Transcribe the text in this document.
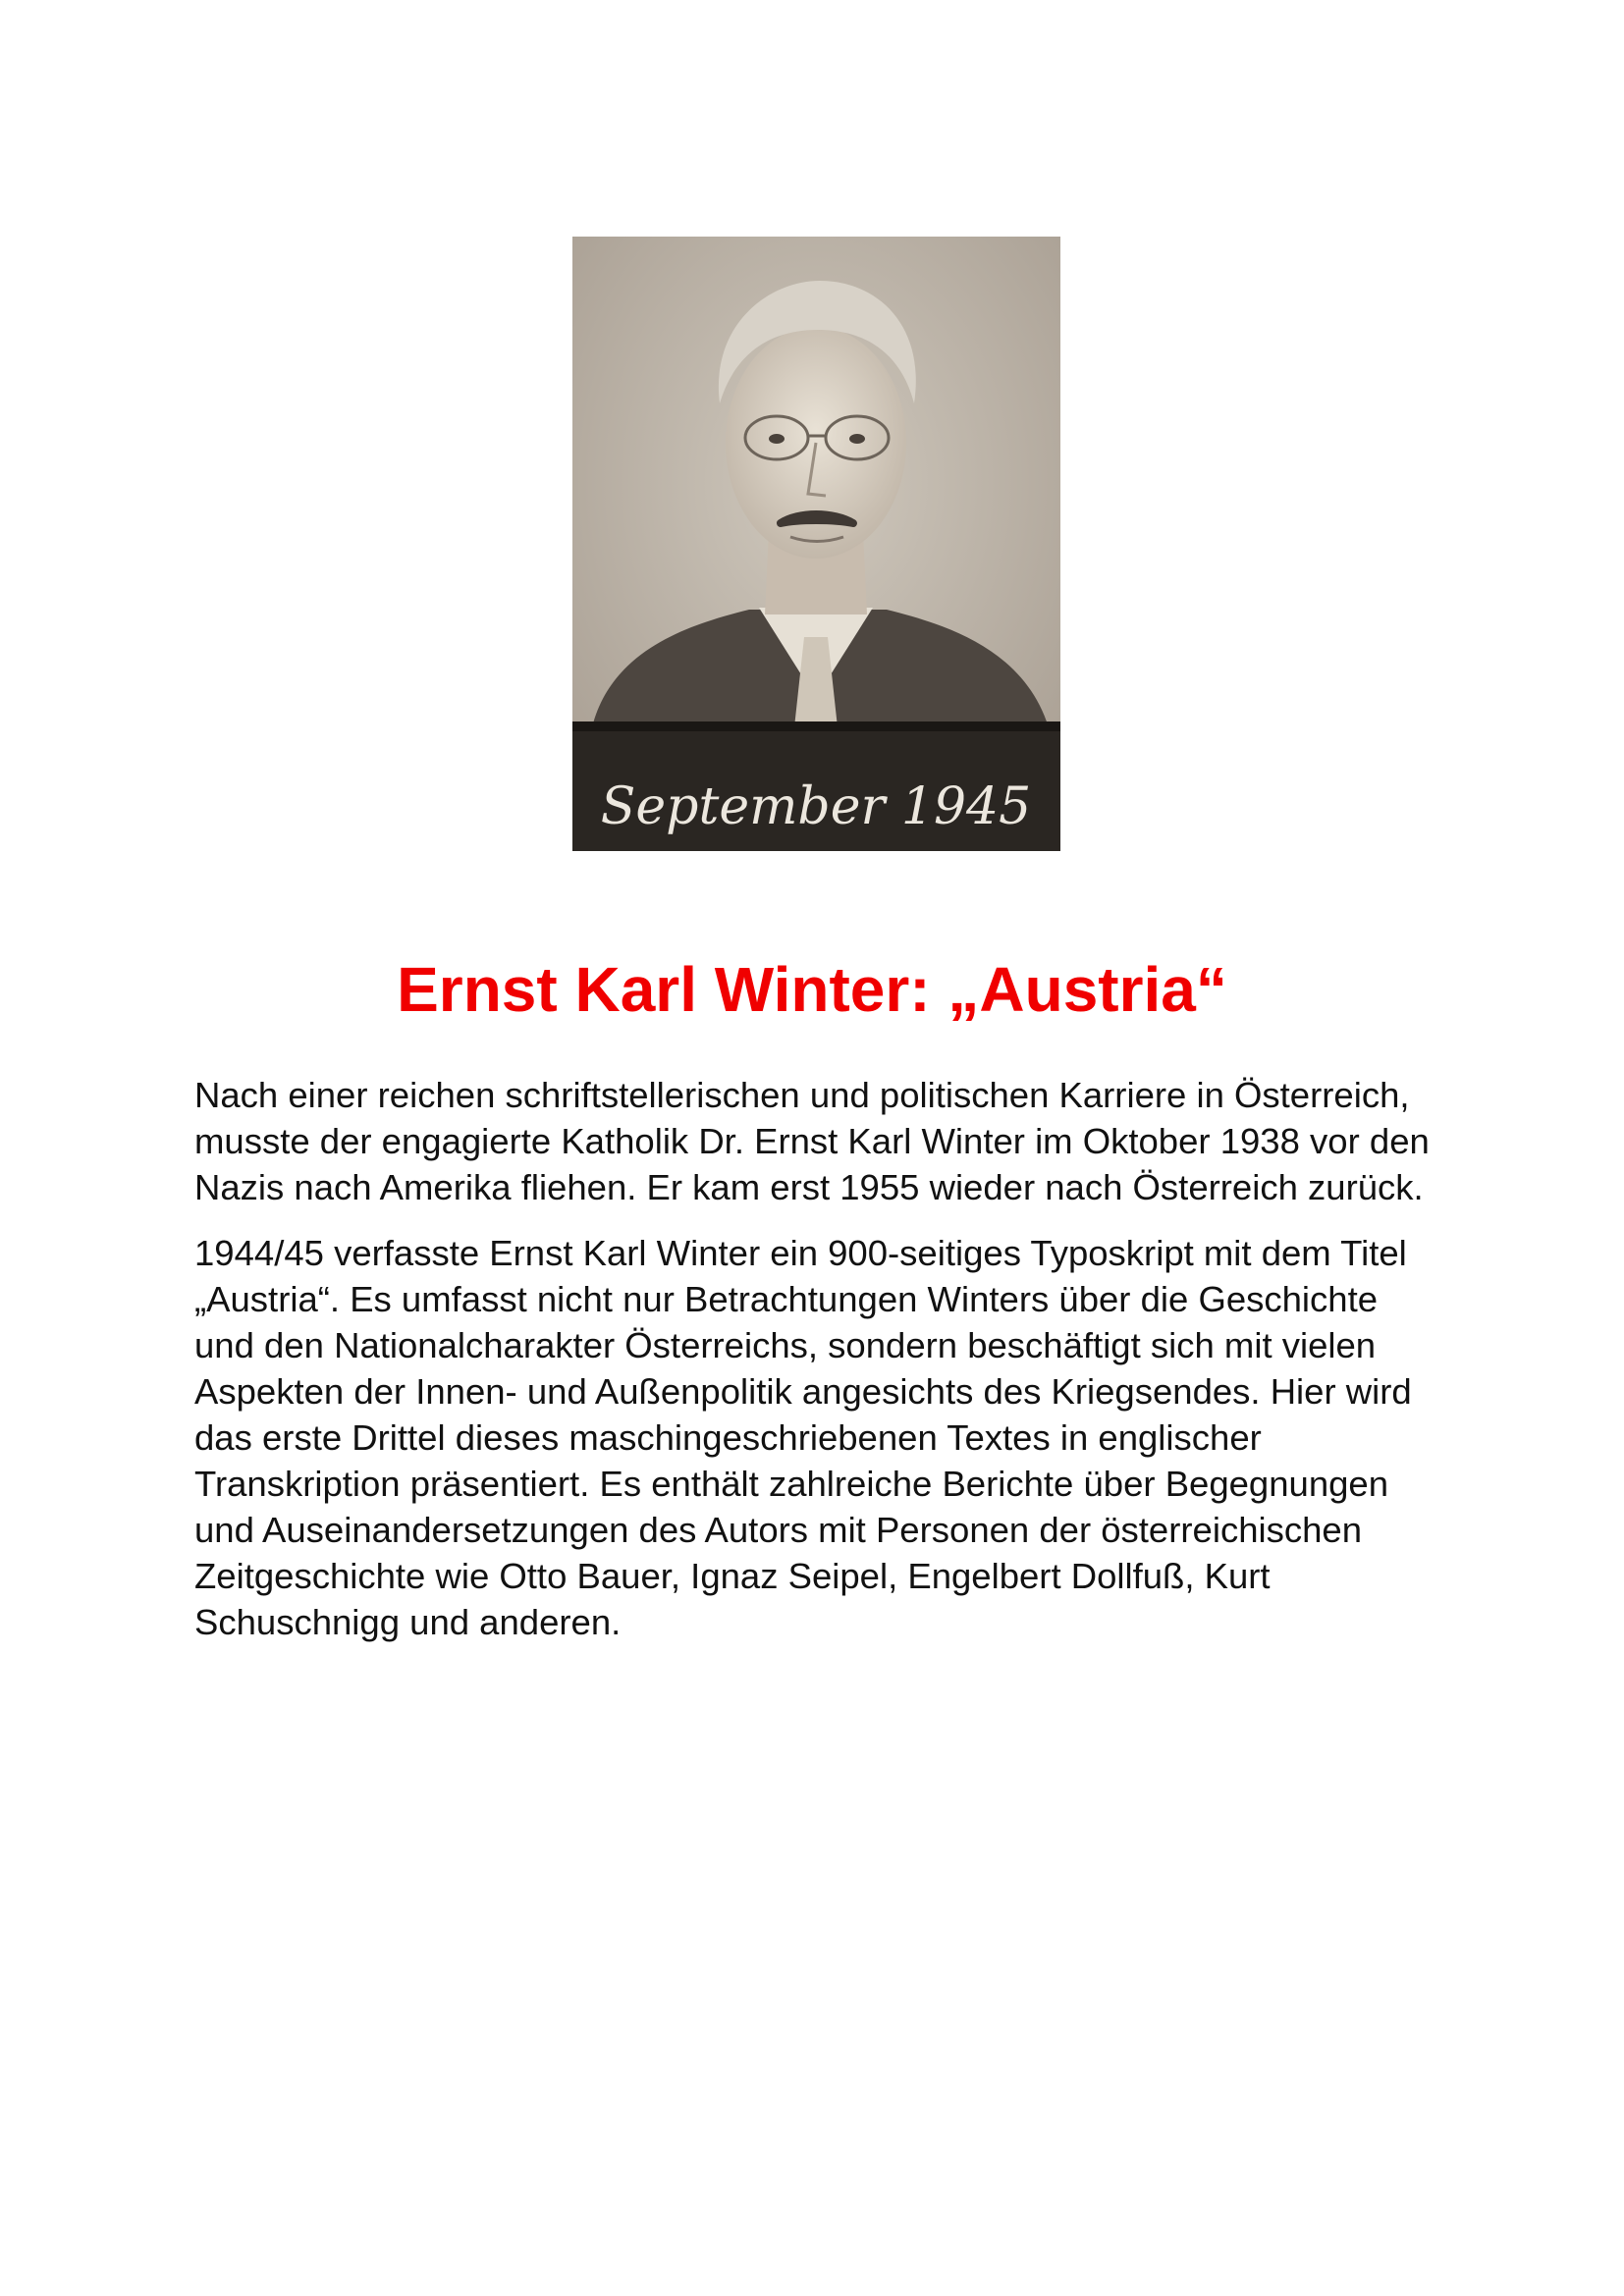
September 1945
Ernst Karl Winter: „Austria“

Nach einer reichen schriftstellerischen und politischen Karriere in Österreich, musste der engagierte Katholik Dr. Ernst Karl Winter im Oktober 1938 vor den Nazis nach Amerika fliehen. Er kam erst 1955 wieder nach Österreich zurück.

1944/45 verfasste Ernst Karl Winter ein 900-seitiges Typoskript mit dem Titel „Austria“. Es umfasst nicht nur Betrachtungen Winters über die Geschichte und den Nationalcharakter Österreichs, sondern beschäftigt sich mit vielen Aspekten der Innen- und Außenpolitik angesichts des Kriegsendes. Hier wird das erste Drittel dieses maschingeschriebenen Textes in englischer Transkription präsentiert. Es enthält zahlreiche Berichte über Begegnungen und Auseinandersetzungen des Autors mit Personen der österreichischen Zeitgeschichte wie Otto Bauer, Ignaz Seipel, Engelbert Dollfuß, Kurt Schuschnigg und anderen.
